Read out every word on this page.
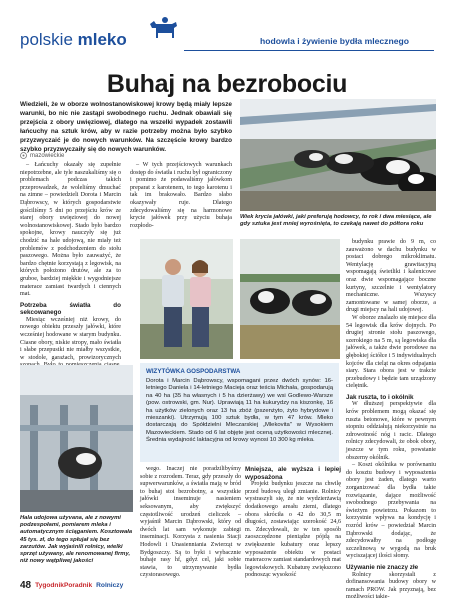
polskie mleko	hodowla i żywienie bydła mlecznego
Buhaj na bezrobociu
Wiedzieli, że w oborze wolnostanowiskowej krowy będą miały lepsze warunki, bo nic nie zastąpi swobodnego ruchu. Jednak obawiali się przejścia z obory uwięziowej, dlatego na wszelki wypadek zostawili łańcuchy na sztuk krów, aby w razie potrzeby można było szybko przyzwyczaić je do nowych warunków. Na szczęście krowy bardzo szybko przyzwyczaiły się do nowych warunków.
mazowieckie

– Łańcuchy okazały się zupełnie niepotrzebne, ale tyle naszukaliśmy się o problemach podczas takich przeprowadzek, że woleliśmy dmuchać na zimne – powiedzieli Dorota i Marcin Dąbrowscy, w których gospodarstwie gościliśmy 5 dni po przejściu krów ze starej obory uwięziowej do nowej wolnostanowiskowej. Stado było bardzo spokojne, krowy nauczyły się już chodzić na hale udojową, nie miały też problemów z podchodzeniem do stołu paszowego. Można było zauważyć, że bardzo chętnie korzystają z legowisk, na których położono drutów, ale za to gruboe, bardziej miękkie i wygodniejsze materace zamiast twardych i ciennych mat.

Potrzeba światła do sekcowanego

Miesiąc wcześniej niż krowy, do nowego obiektu przeszły jałówki, które wcześniej hodowane w starym budynku. Ciasne obory, niskie stropy, mało światła i słabe przepustki nie miałby wszystkie, w stodole, garażach, prowizorycznych

– W tych przejściowych warunkach dostęp do światła i ruchu był ograniczony i pomimo że podawaliśmy jałówkom preparat z karotenem, to tego karotenu i tak im brakowało. Bardzo słabo okazywały ruje. Dlatego zdecydowaliśmy się na harmonowe krycie jałówek przy użyciu buhaja rozpłodo-

Wiek krycia jałówki, jaki preferują hodowcy, to rok i dwa miesiące, ale gdy sztuka jest mniej wyrośnięta, to czekają nawet do półtora roku

budynku prawie do 9 m, co zauważono w dachu budynku w postaci dobrego mikroklimatu. Wentylację grawitacyjną wspomagają świetliki i kalenicowe oraz dwie wspomagające boczne kurtyny, szczelnie i wentylatory mechaniczne. Wszyscy zamontowane w samej oborze, a drugi miejscy na hali udojowej.

W oborze znalazło się miejsce dla 54 legowisk dla krów dojnych. Po drugiej stronie stołu paszowego, szerokiego na 5 m, są legowiska dla jałówek, a także dwie porodowe na głębokiej ściółce i 5 indywidualnych kojców dla cieląt na okres odpajania siary. Stara obora jest w trakcie przebudowy i będzie tam urządzony cielętnik.

Jak ruszta, to i okólnik

W dłuższej perspektywie dla krów problemem mogą okazać się ruszta betonowe, które w pewnym stopniu oddziałują niekorzystnie na zdrowotność nóg i racic. Dlatego rolnicy zdecydowali, że obok obory, jeszcze w tym roku, powstanie obszerny okólnik.

– Koszt okólnika w porównaniu do kosztu budowy i wyposażenia obory jest żaden, dlatego warto zorganizować dla bydła takie rozwiązanie, dające możliwość swobodnego przebywania na świeżym powietrzu. Pokazom to korzystnie wpływa na kondycję i rozród krów – powiedział Marcin Dąbrowski dodając, że zdecydowałby na podłogę szczelinową w wygodą na bruk wyciszającej ilości słomy.

Używanie nie znaczy złe

Rolnicy skorzystali z dofinansowania budowy obory w ramach PROW. Jak przyznają, bez możliwości takie-

WIZYTÓWKA GOSPODARSTWA
Dorota i Marcin Dąbrowscy, wspomagani przez dwóch synów: 16-letniego Daniela i 14-letniego Macieja oraz teścia Michała, gospodarują na 40 ha (35 ha własnych i 5 ha dzierżawy) we wsi Godlewo-Warsze (pow. ostrowski, gm. Nur). Uprawiają 11 ha kukurydzy na kiszonkę, 16 ha użytków zielonych oraz 13 ha zbóż (pszenżyto, żyto hybrydowe i mieszanki). Utrzymują 100 sztuk bydła, w tym 47 krów. Mleko dostarczają do Spółdzielni Mleczarskiej „Mlekovita" w Wysokiem Mazowieckiem. Stado od 6 lat objęte jest oceną użytkowości mlecznej. Średnia wydajność laktacyjna od krowy wynosi 10 300 kg mleka.
Hala udojowa użyvana, ale z nowymi podzespołami, pomiarem mleka i automatycznym ściąganiem. Kosztowała 45 tys. zł, do tego spłujał się bez zarzutów. Jak wyjaśnili rolnicy, wielki sprzęt używany, ale renomowanej firmy, niż nowy wątpliwej jakości

wego. Inaczej nie poradzilibyśmy sobie z rozrodem. Teraz, gdy przeszły do supwerwarunków, a światła mają w bród to buhaj stoi bezrobotny, a wszystkie jałówki inseminuje nasieniem seksowanym, aby zwiększyć częstotliwość urodzeń cieliczek – wyjaśnił Marcin Dąbrowski, który od dwóch lat sam wykonuje zabiegi inseminacji. Korzysta z nasienia Stacji Hodowli i Unasienniania Zwierząt w Bydgoszczy. Są to byki i wybacznie buhaje rasy hf, gdyż cel, jaki sobie stawia, to utrzymywanie bydła czystorasowego.

Mniejsza, ale wyższa i lepiej wyposażona

Projekt budynku jeszcze na chwilę przed budową uległ zmianie. Rolnicy wystraszyli się, że nie wydzierżawią dodatkowego areału ziemi, dlatego obora skróciła o 42 do 30,5 m długości, zostawiając szerokość 24,6 m. Zdecydowali, że w ten sposób zaoszczędzone pieniądze pójdą na zwiększenie kubatury oraz lepszy wyposażenie obiektu w postaci materacow zamiast standardowych mat legowiskowych. Kubaturę zwiększono podnosząc wysokość

48 TygodnikPoradnik Rolniczy
